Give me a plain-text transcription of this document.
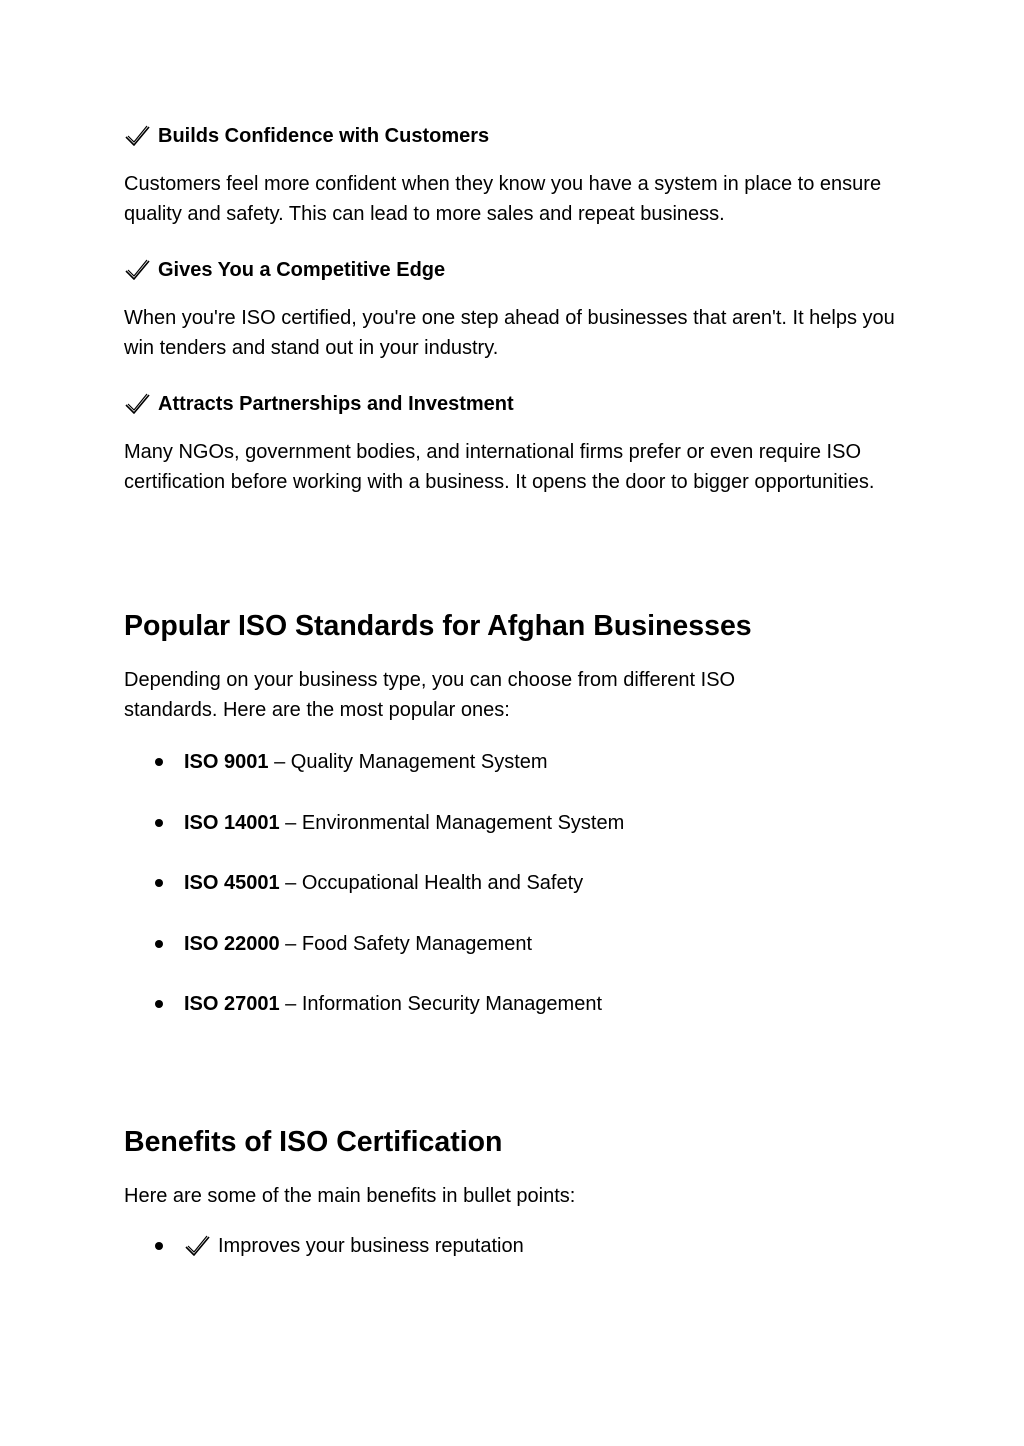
Builds Confidence with Customers
Customers feel more confident when they know you have a system in place to ensure quality and safety. This can lead to more sales and repeat business.
Gives You a Competitive Edge
When you're ISO certified, you're one step ahead of businesses that aren't. It helps you win tenders and stand out in your industry.
Attracts Partnerships and Investment
Many NGOs, government bodies, and international firms prefer or even require ISO certification before working with a business. It opens the door to bigger opportunities.
Popular ISO Standards for Afghan Businesses
Depending on your business type, you can choose from different ISO standards. Here are the most popular ones:
ISO 9001 – Quality Management System
ISO 14001 – Environmental Management System
ISO 45001 – Occupational Health and Safety
ISO 22000 – Food Safety Management
ISO 27001 – Information Security Management
Benefits of ISO Certification
Here are some of the main benefits in bullet points:
Improves your business reputation
